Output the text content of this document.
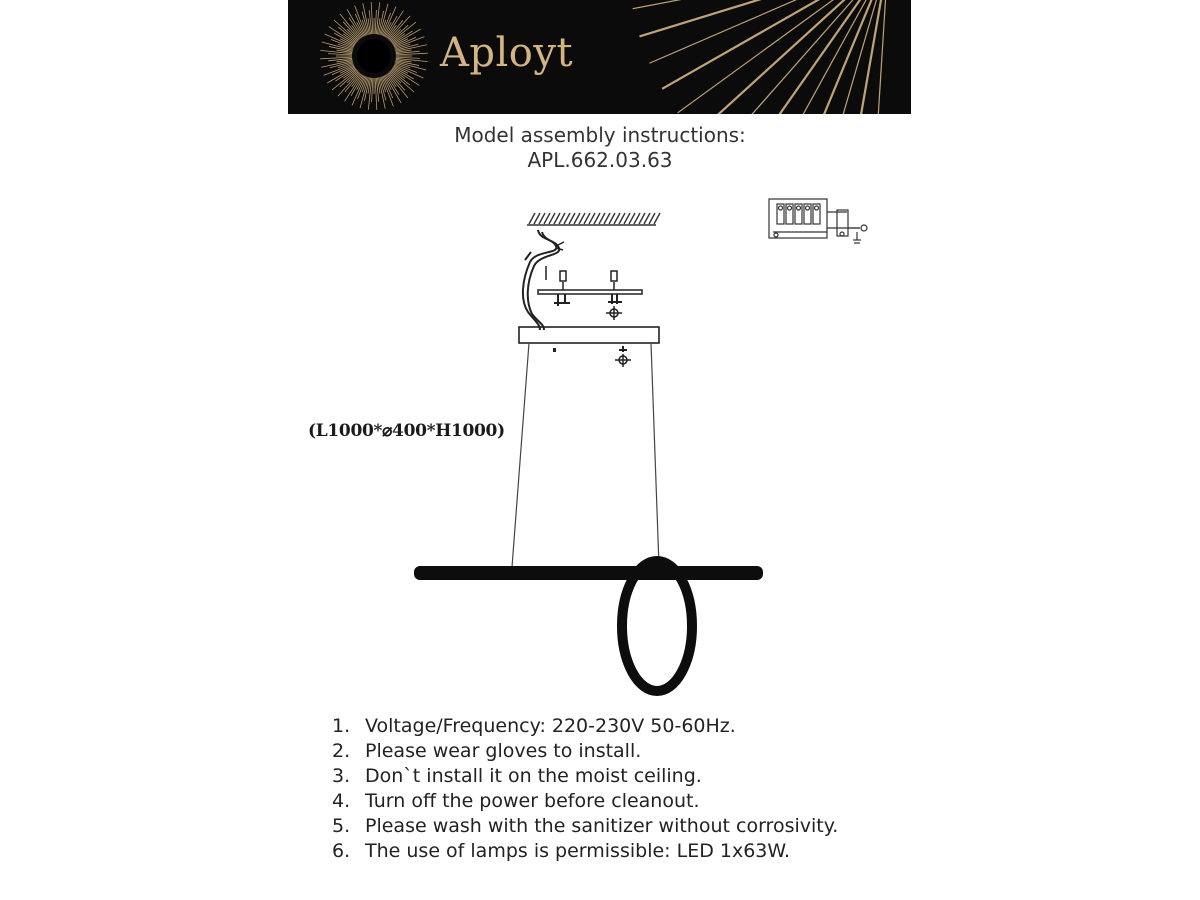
Aployt
Model assembly instructions:
APL.662.03.63
(L1000*⌀400*H1000)
1. Voltage/Frequency: 220-230V 50-60Hz.
2. Please wear gloves to install.
3. Don`t install it on the moist ceiling.
4. Turn off the power before cleanout.
5. Please wash with the sanitizer without corrosivity.
6. The use of lamps is permissible: LED 1x63W.
